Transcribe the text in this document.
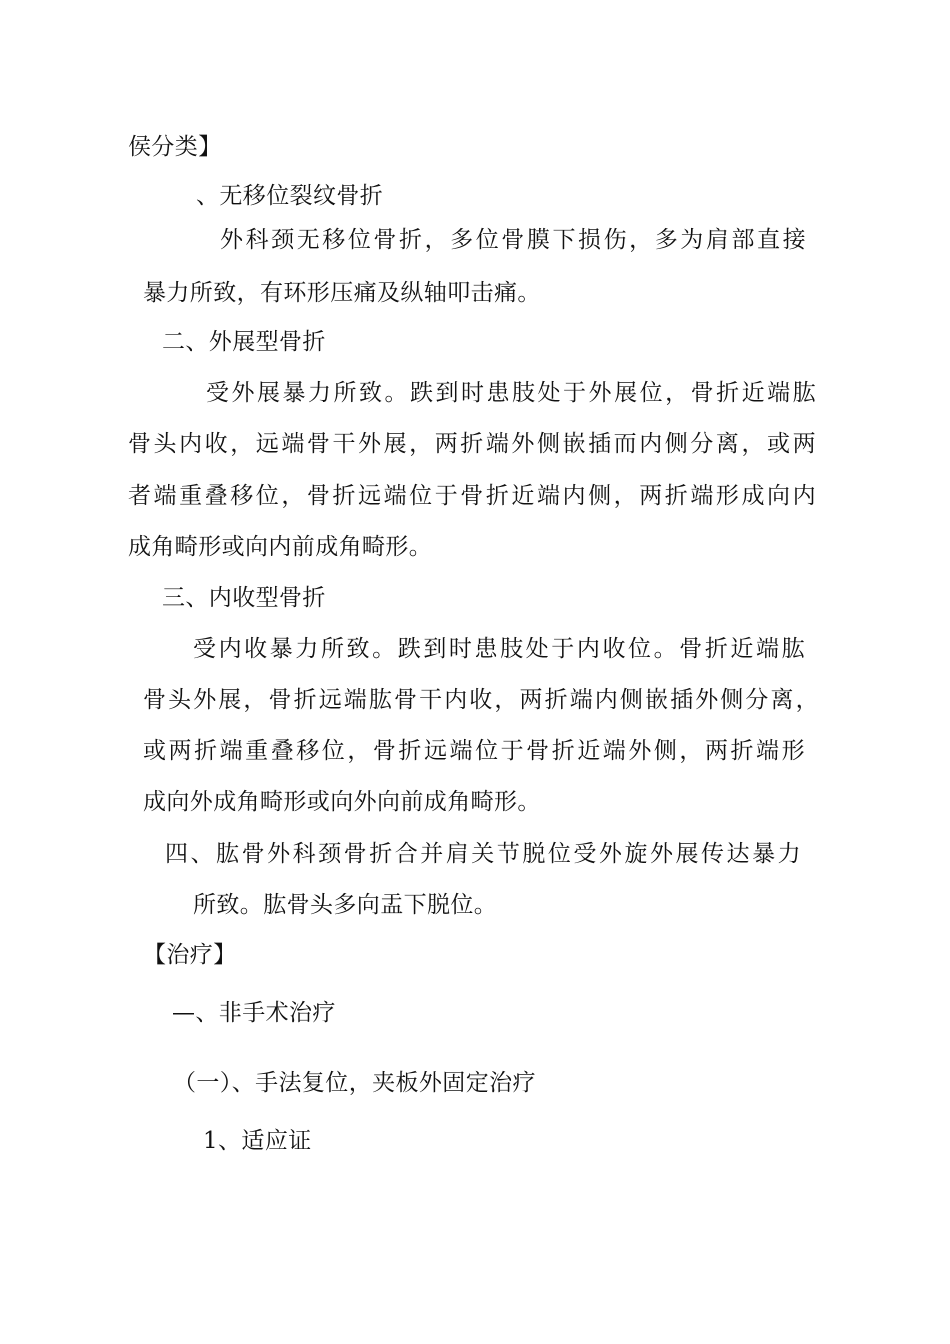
侯分类】
、无移位裂纹骨折
外科颈无移位骨折，多位骨膜下损伤，多为肩部直接
暴力所致，有环形压痛及纵轴叩击痛。
二、外展型骨折
受外展暴力所致。跌到时患肢处于外展位，骨折近端肱
骨头内收，远端骨干外展，两折端外侧嵌插而内侧分离，或两
者端重叠移位，骨折远端位于骨折近端内侧，两折端形成向内
成角畸形或向内前成角畸形。
三、内收型骨折
受内收暴力所致。跌到时患肢处于内收位。骨折近端肱
骨头外展，骨折远端肱骨干内收，两折端内侧嵌插外侧分离，
或两折端重叠移位，骨折远端位于骨折近端外侧，两折端形
成向外成角畸形或向外向前成角畸形。
四、肱骨外科颈骨折合并肩关节脱位受外旋外展传达暴力
所致。肱骨头多向盂下脱位。
【治疗】
—、非手术治疗
（一）、手法复位，夹板外固定治疗
1、适应证
